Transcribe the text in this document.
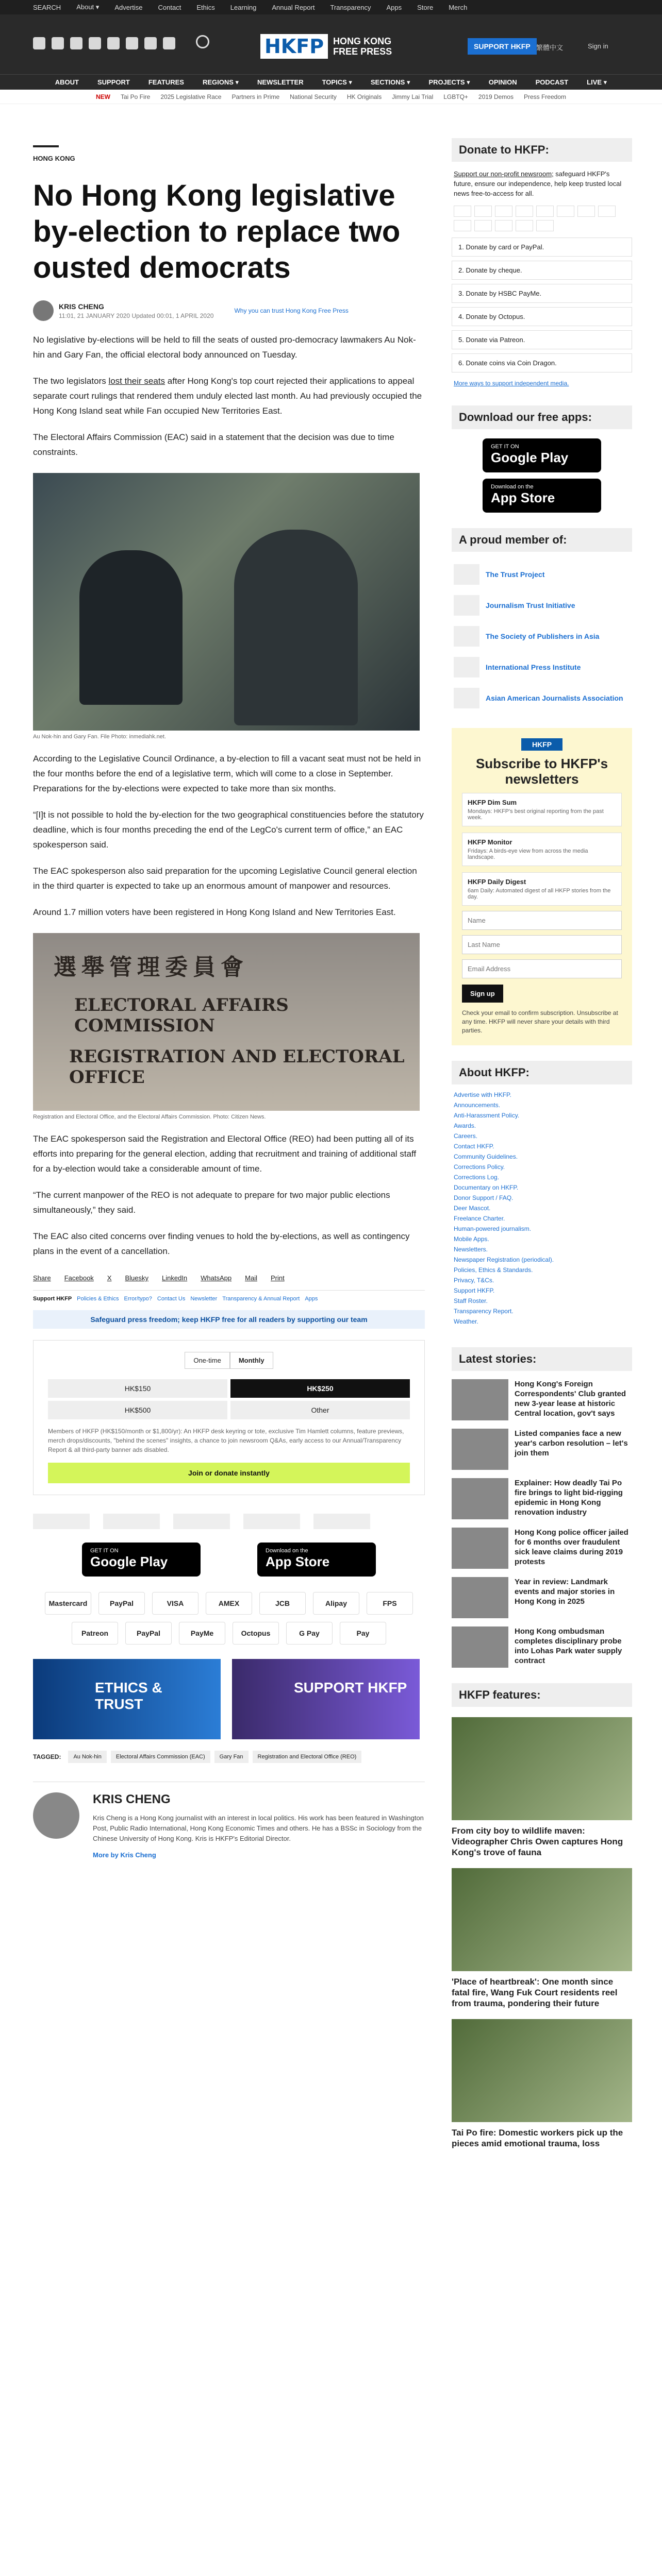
SEARCH About ▾ Advertise Contact Ethics Learning Annual Report Transparency Apps Store Merch
HKFP	HONG KONG
FREE PRESS	SUPPORT HKFP 繁體中文	Sign in
ABOUT	SUPPORT	FEATURES	REGIONS ▾	NEWSLETTER	TOPICS ▾	SECTIONS ▾	PROJECTS ▾	OPINION	PODCAST	LIVE ▾
NEW Tai Po Fire 2025 Legislative Race Partners in Prime National Security HK Originals Jimmy Lai Trial LGBTQ+ 2019 Demos Press Freedom
HONG KONG
No Hong Kong legislative by-election to replace two ousted democrats
KRIS CHENG
11:01, 21 JANUARY 2020 Updated 00:01, 1 APRIL 2020
Why you can trust Hong Kong Free Press

No legislative by-elections will be held to fill the seats of ousted pro-democracy lawmakers Au Nok-hin and Gary Fan, the official electoral body announced on Tuesday.

The two legislators lost their seats after Hong Kong's top court rejected their applications to appeal separate court rulings that rendered them unduly elected last month. Au had previously occupied the Hong Kong Island seat while Fan occupied New Territories East.

The Electoral Affairs Commission (EAC) said in a statement that the decision was due to time constraints.

Au Nok-hin and Gary Fan. File Photo: inmediahk.net.

According to the Legislative Council Ordinance, a by-election to fill a vacant seat must not be held in the four months before the end of a legislative term, which will come to a close in September. Preparations for the by-elections were expected to take more than six months.

“[I]t is not possible to hold the by-election for the two geographical constituencies before the statutory deadline, which is four months preceding the end of the LegCo's current term of office,” an EAC spokesperson said.

The EAC spokesperson also said preparation for the upcoming Legislative Council general election in the third quarter is expected to take up an enormous amount of manpower and resources.

Around 1.7 million voters have been registered in Hong Kong Island and New Territories East.

選舉管理委員會
ELECTORAL AFFAIRS COMMISSION
REGISTRATION AND ELECTORAL OFFICE
Registration and Electoral Office, and the Electoral Affairs Commission. Photo: Citizen News.

The EAC spokesperson said the Registration and Electoral Office (REO) had been putting all of its efforts into preparing for the general election, adding that recruitment and training of additional staff for a by-election would take a considerable amount of time.

“The current manpower of the REO is not adequate to prepare for two major public elections simultaneously,” they said.

The EAC also cited concerns over finding venues to hold the by-elections, as well as contingency plans in the event of a cancellation.

Share Facebook X Bluesky LinkedIn WhatsApp Mail Print
Support HKFP Policies & Ethics Error/typo? Contact Us Newsletter Transparency & Annual Report Apps
Safeguard press freedom; keep HKFP free for all readers by supporting our team
One-time	Monthly
HK$150	HK$250
HK$500	Other
Members of HKFP (HK$150/month or $1,800/yr): An HKFP desk keyring or tote, exclusive Tim Hamlett columns, feature previews, merch drops/discounts, "behind the scenes" insights, a chance to join newsroom Q&As, early access to our Annual/Transparency Report & all third-party banner ads disabled.
Join or donate instantly
GET IT ON
Google Play
Download on the
App Store
Mastercard	PayPal	VISA	AMEX	JCB	Alipay	FPS
Patreon	PayPal	PayMe	Octopus	G Pay	Pay
ETHICS & TRUST
SUPPORT HKFP
TAGGED:	Au Nok-hin	Electoral Affairs Commission (EAC)	Gary Fan	Registration and Electoral Office (REO)
KRIS CHENG
Kris Cheng is a Hong Kong journalist with an interest in local politics. His work has been featured in Washington Post, Public Radio International, Hong Kong Economic Times and others. He has a BSSc in Sociology from the Chinese University of Hong Kong. Kris is HKFP's Editorial Director.
More by Kris Cheng
Donate to HKFP:
Support our non-profit newsroom; safeguard HKFP's future, ensure our independence, help keep trusted local news free-to-access for all.
1. Donate by card or PayPal.
2. Donate by cheque.
3. Donate by HSBC PayMe.
4. Donate by Octopus.
5. Donate via Patreon.
6. Donate coins via Coin Dragon.
More ways to support independent media.
Download our free apps:
GET IT ON
Google Play
Download on the
App Store
A proud member of:
The Trust Project
Journalism Trust Initiative
The Society of Publishers in Asia
International Press Institute
Asian American Journalists Association
HKFP
Subscribe to HKFP's newsletters
HKFP Dim Sum
Mondays: HKFP's best original reporting from the past week.
HKFP Monitor
Fridays: A birds-eye view from across the media landscape.
HKFP Daily Digest
6am Daily: Automated digest of all HKFP stories from the day.
Name Last Name Email Address Sign up
Check your email to confirm subscription. Unsubscribe at any time. HKFP will never share your details with third parties.
About HKFP:
Advertise with HKFP.
Announcements.
Anti-Harassment Policy.
Awards.
Careers.
Contact HKFP.
Community Guidelines.
Corrections Policy.
Corrections Log.
Documentary on HKFP.
Donor Support / FAQ.
Deer Mascot.
Freelance Charter.
Human-powered journalism.
Mobile Apps.
Newsletters.
Newspaper Registration (periodical).
Policies, Ethics & Standards.
Privacy, T&Cs.
Support HKFP.
Staff Roster.
Transparency Report.
Weather.
Latest stories:
Hong Kong's Foreign Correspondents' Club granted new 3-year lease at historic Central location, gov't says
Listed companies face a new year's carbon resolution – let's join them
Explainer: How deadly Tai Po fire brings to light bid-rigging epidemic in Hong Kong renovation industry
Hong Kong police officer jailed for 6 months over fraudulent sick leave claims during 2019 protests
Year in review: Landmark events and major stories in Hong Kong in 2025
Hong Kong ombudsman completes disciplinary probe into Lohas Park water supply contract
HKFP features:
From city boy to wildlife maven: Videographer Chris Owen captures Hong Kong's trove of fauna
'Place of heartbreak': One month since fatal fire, Wang Fuk Court residents reel from trauma, pondering their future
Tai Po fire: Domestic workers pick up the pieces amid emotional trauma, loss
